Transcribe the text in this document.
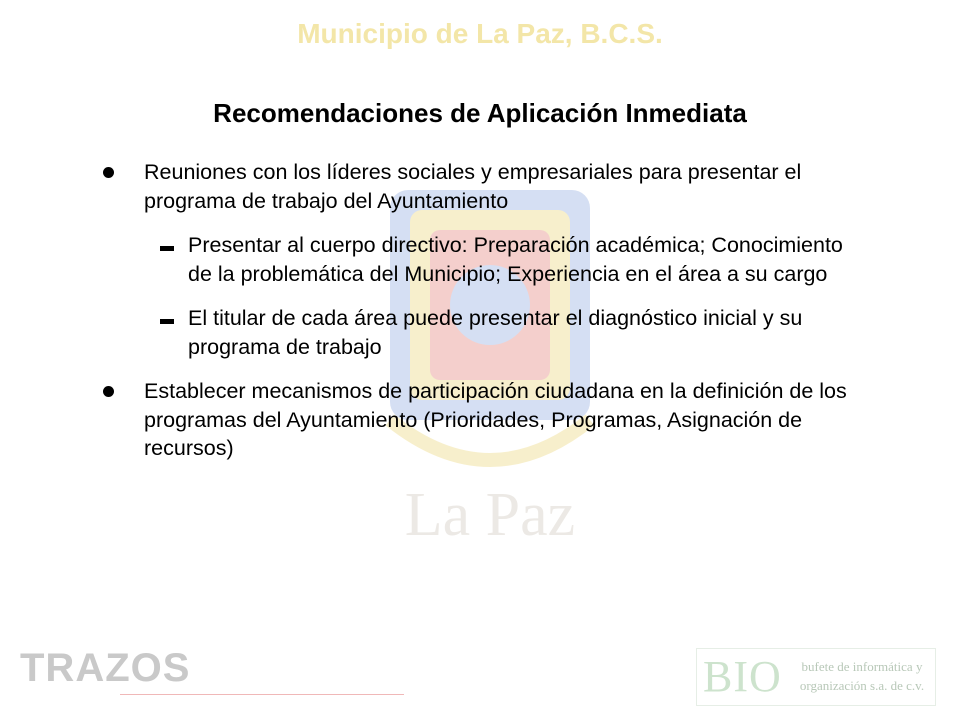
La Paz
Municipio de La Paz, B.C.S.
Recomendaciones de Aplicación Inmediata
Reuniones con los líderes sociales y empresariales para presentar el programa de trabajo del Ayuntamiento
Presentar al cuerpo directivo: Preparación académica; Conocimiento de la problemática del Municipio; Experiencia en el área a su cargo
El titular de cada área puede presentar el diagnóstico inicial y su programa de trabajo
Establecer mecanismos de participación ciudadana en la definición de los programas del Ayuntamiento (Prioridades, Programas, Asignación de recursos)
TRAZOS	BIO	bufete de informática y organización s.a. de c.v.
